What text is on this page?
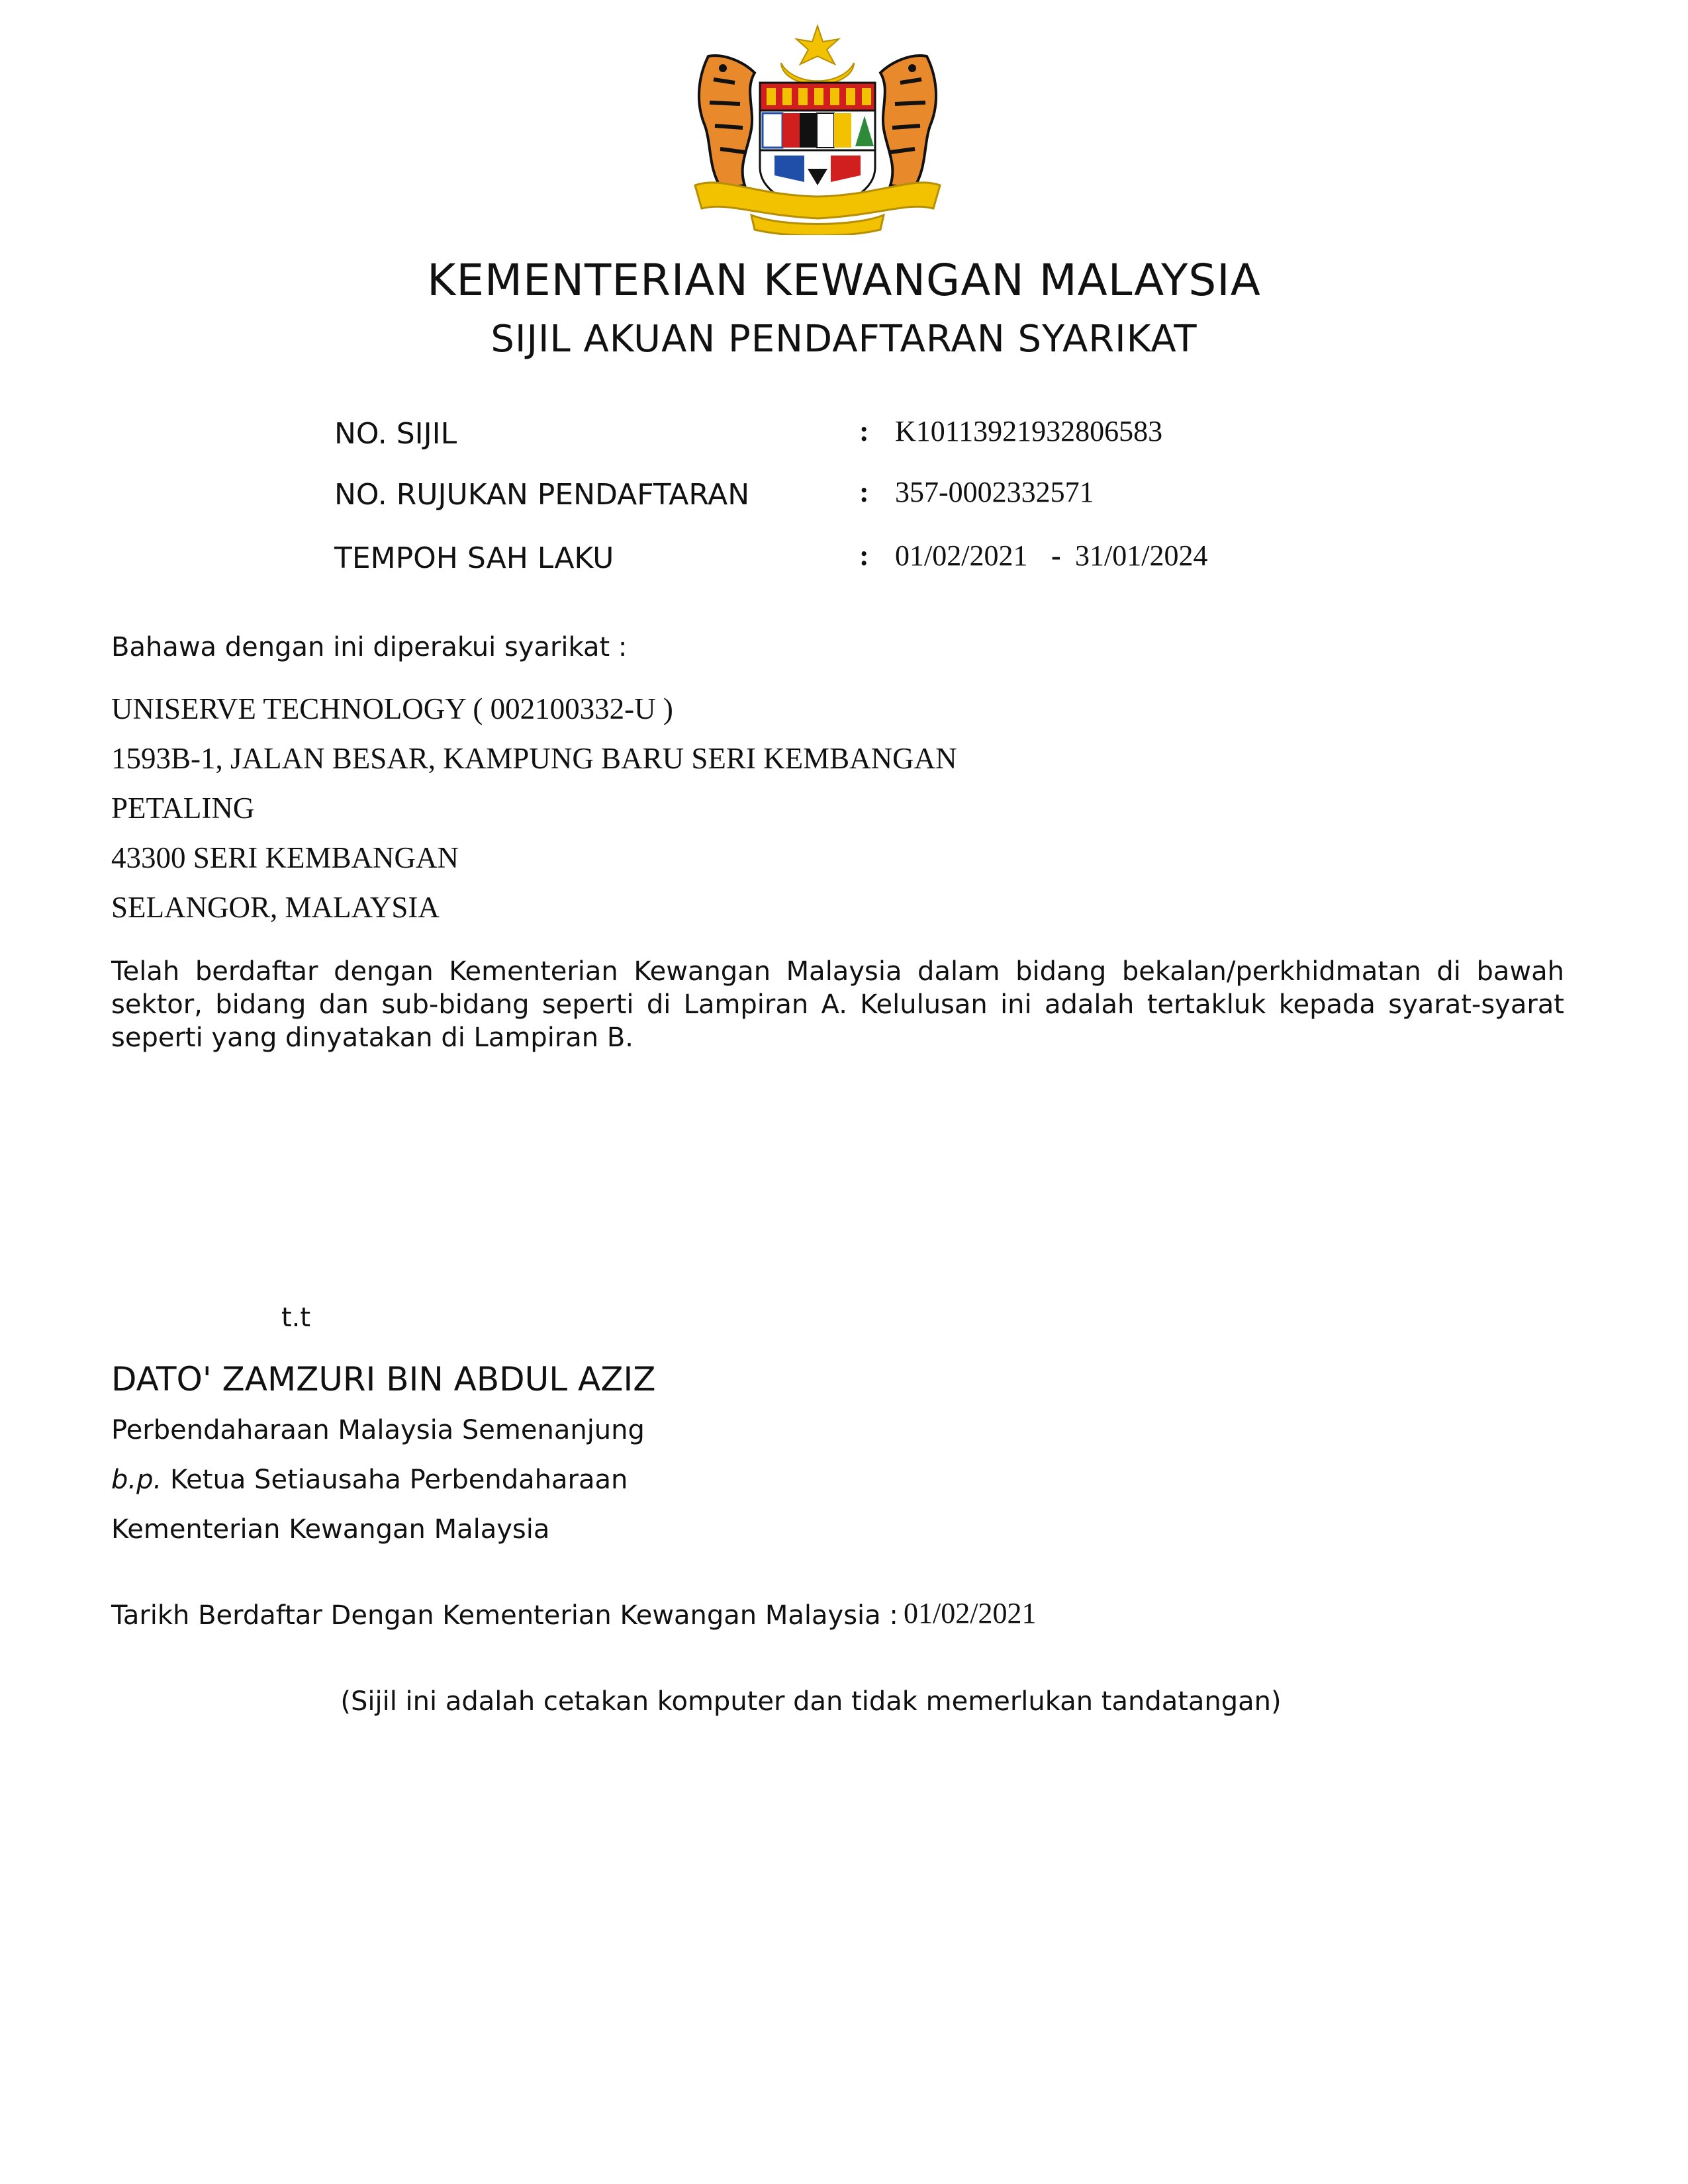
KEMENTERIAN KEWANGAN MALAYSIA
SIJIL AKUAN PENDAFTARAN SYARIKAT
NO. SIJIL	: K10113921932806583
NO. RUJUKAN PENDAFTARAN	: 357-0002332571
TEMPOH SAH LAKU	: 01/02/2021 - 31/01/2024
Bahawa dengan ini diperakui syarikat :
UNISERVE TECHNOLOGY ( 002100332-U )
1593B-1, JALAN BESAR, KAMPUNG BARU SERI KEMBANGAN
PETALING
43300 SERI KEMBANGAN
SELANGOR, MALAYSIA
Telah berdaftar dengan Kementerian Kewangan Malaysia dalam bidang bekalan/perkhidmatan di bawah sektor, bidang dan sub-bidang seperti di Lampiran A. Kelulusan ini adalah tertakluk kepada syarat-syarat seperti yang dinyatakan di Lampiran B.
t.t
DATO' ZAMZURI BIN ABDUL AZIZ
Perbendaharaan Malaysia Semenanjung
b.p. Ketua Setiausaha Perbendaharaan
Kementerian Kewangan Malaysia
Tarikh Berdaftar Dengan Kementerian Kewangan Malaysia : 01/02/2021
(Sijil ini adalah cetakan komputer dan tidak memerlukan tandatangan)
